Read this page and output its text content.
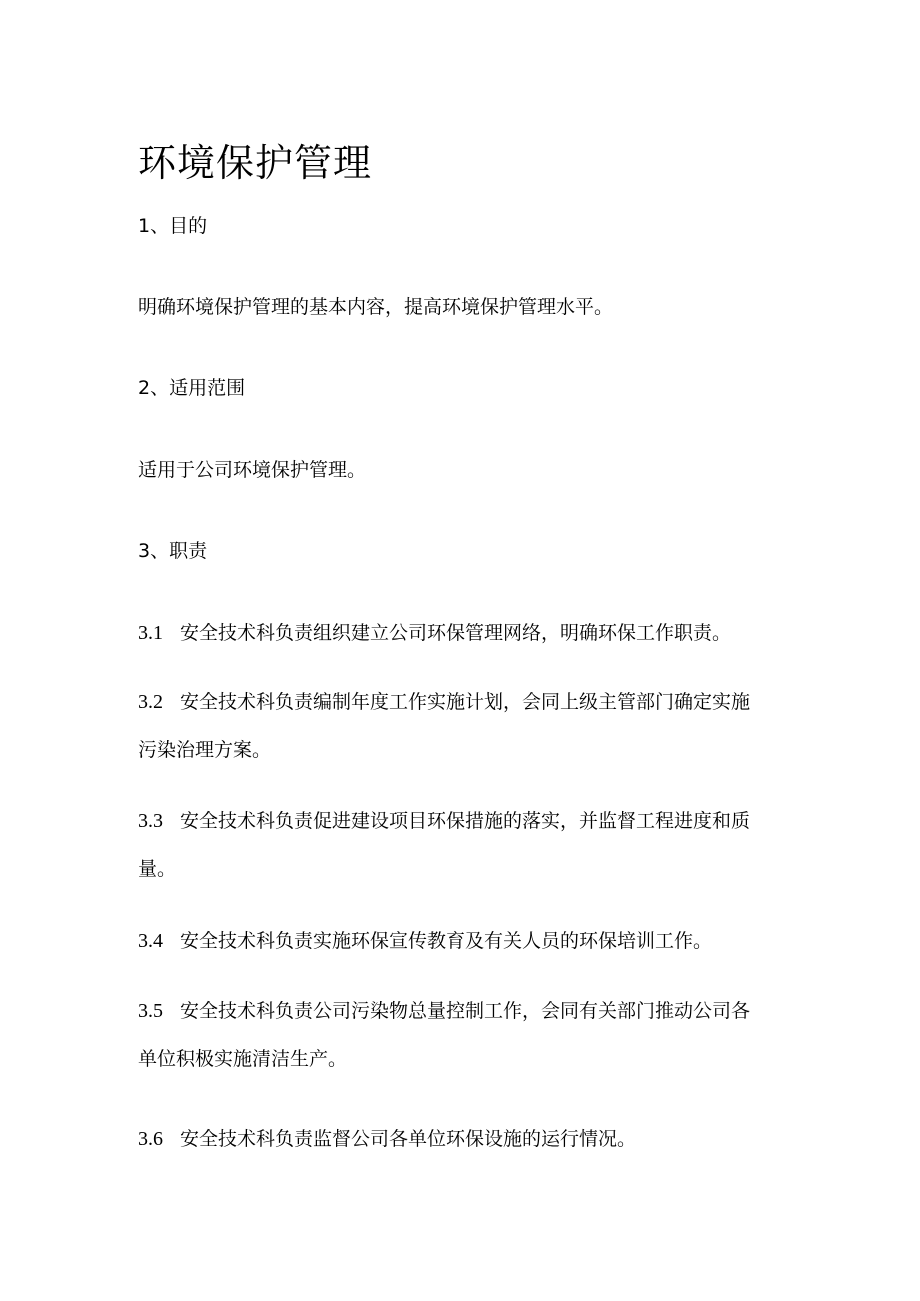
环境保护管理
1、目的
明确环境保护管理的基本内容，提高环境保护管理水平。
2、适用范围
适用于公司环境保护管理。
3、职责
3.1 安全技术科负责组织建立公司环保管理网络，明确环保工作职责。
3.2 安全技术科负责编制年度工作实施计划，会同上级主管部门确定实施
污染治理方案。
3.3 安全技术科负责促进建设项目环保措施的落实，并监督工程进度和质
量。
3.4 安全技术科负责实施环保宣传教育及有关人员的环保培训工作。
3.5 安全技术科负责公司污染物总量控制工作，会同有关部门推动公司各
单位积极实施清洁生产。
3.6 安全技术科负责监督公司各单位环保设施的运行情况。
